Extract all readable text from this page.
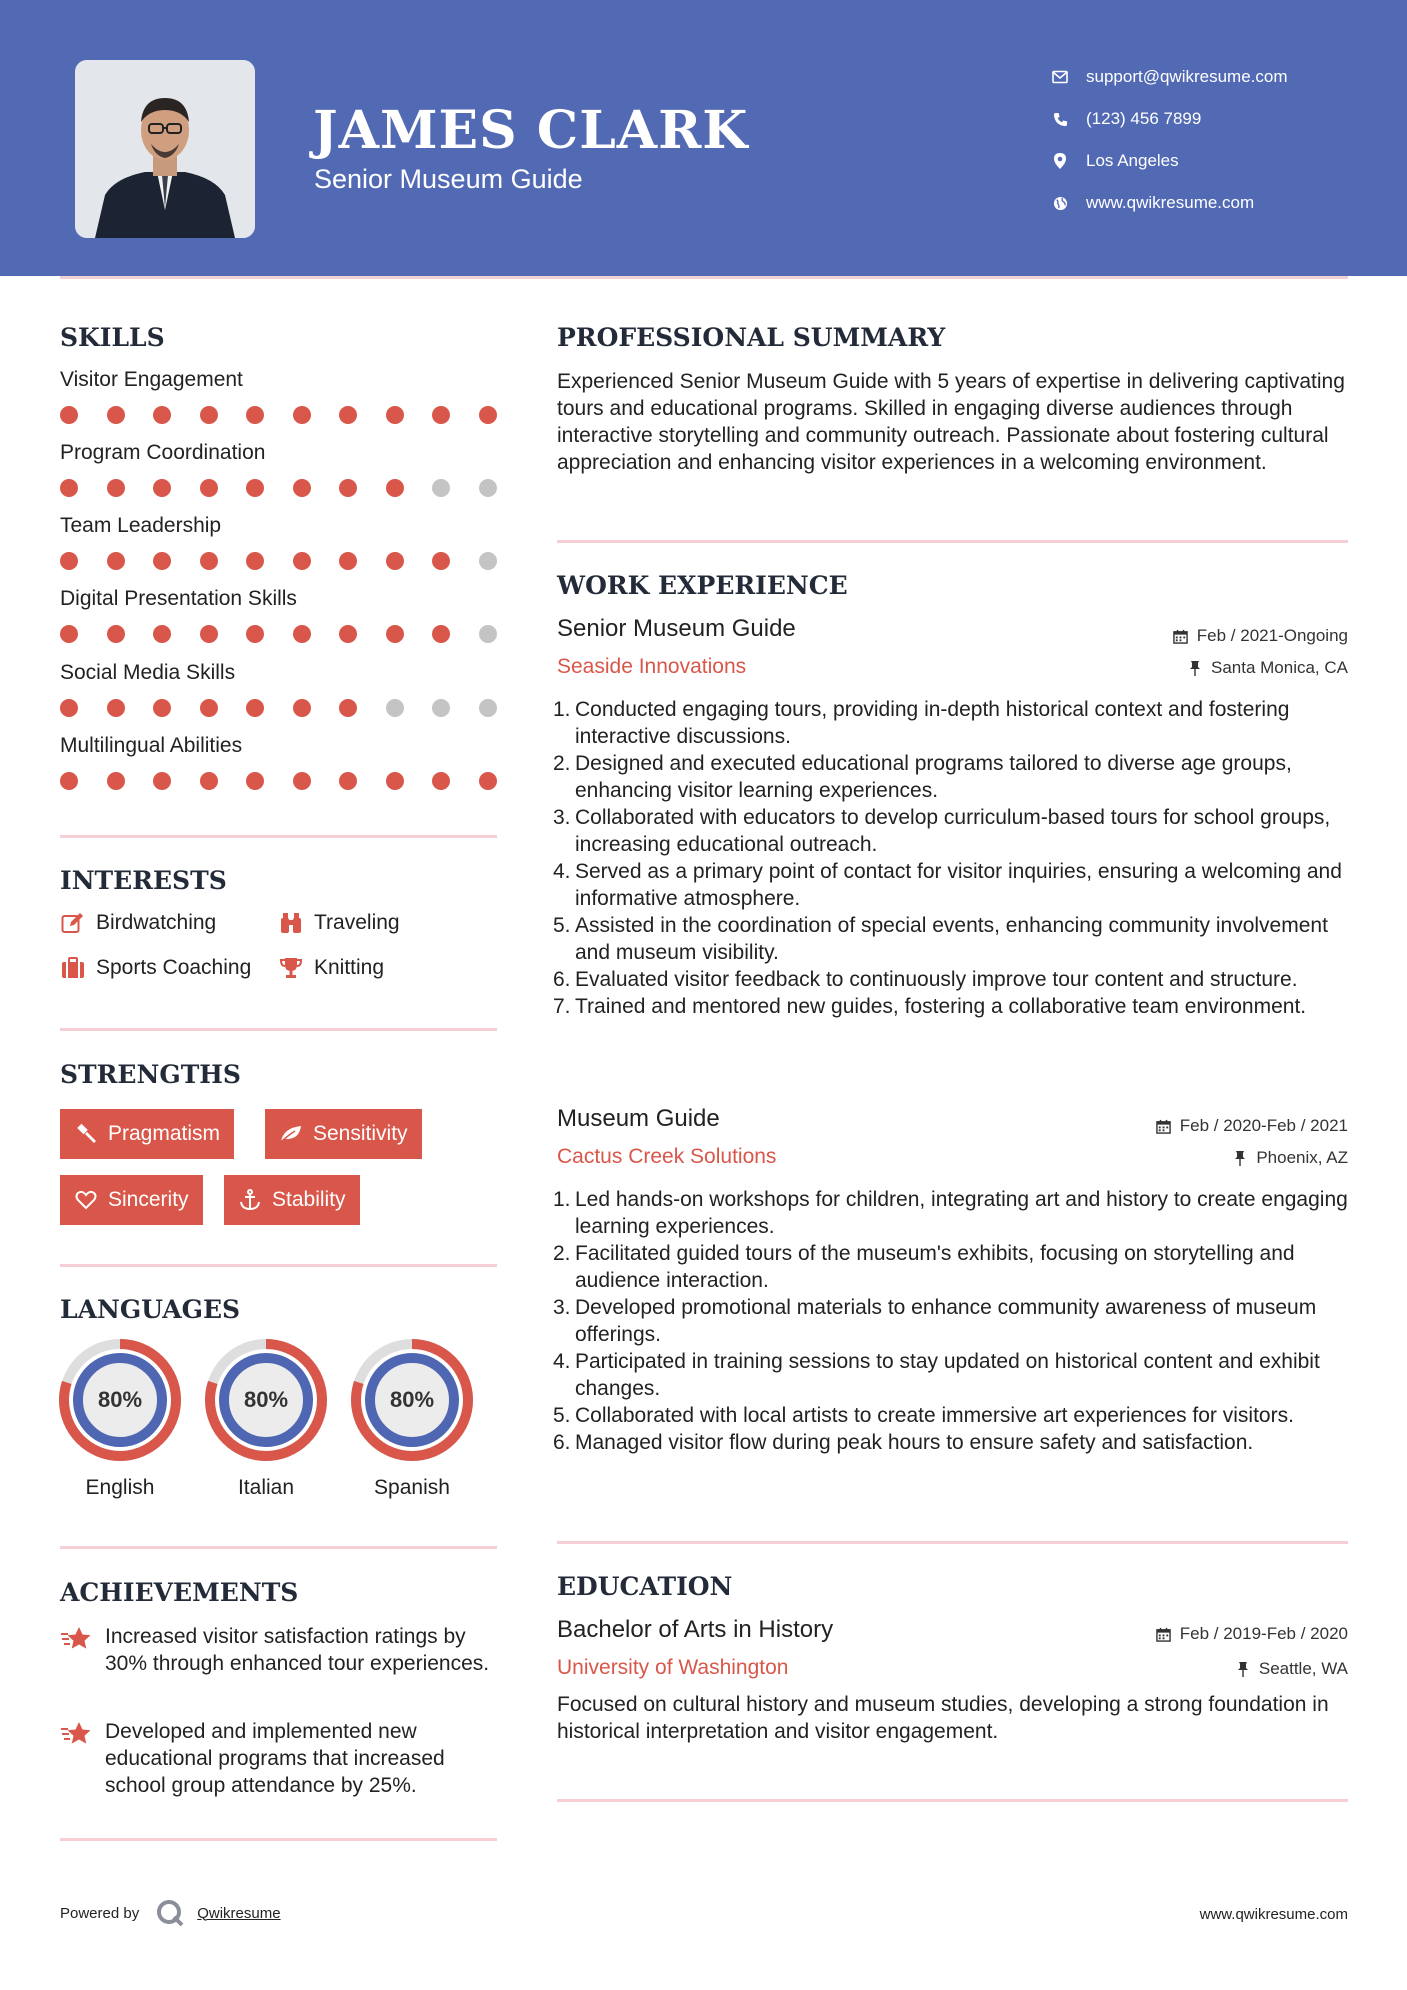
JAMES CLARK
Senior Museum Guide
support@qwikresume.com
(123) 456 7899
Los Angeles
www.qwikresume.com
SKILLS
Visitor Engagement
Program Coordination
Team Leadership
Digital Presentation Skills
Social Media Skills
Multilingual Abilities
INTERESTS
Birdwatching	Traveling
Sports Coaching	Knitting
STRENGTHS
Pragmatism	Sensitivity
Sincerity	Stability
LANGUAGES
80%
English
80%
Italian
80%
Spanish
ACHIEVEMENTS
Increased visitor satisfaction ratings by 30% through enhanced tour experiences.
Developed and implemented new educational programs that increased school group attendance by 25%.
PROFESSIONAL SUMMARY
Experienced Senior Museum Guide with 5 years of expertise in delivering captivating tours and educational programs. Skilled in engaging diverse audiences through interactive storytelling and community outreach. Passionate about fostering cultural appreciation and enhancing visitor experiences in a welcoming environment.
WORK EXPERIENCE
Senior Museum Guide	Feb / 2021-Ongoing
Seaside Innovations	Santa Monica, CA
1. Conducted engaging tours, providing in-depth historical context and fostering interactive discussions.
2. Designed and executed educational programs tailored to diverse age groups, enhancing visitor learning experiences.
3. Collaborated with educators to develop curriculum-based tours for school groups, increasing educational outreach.
4. Served as a primary point of contact for visitor inquiries, ensuring a welcoming and informative atmosphere.
5. Assisted in the coordination of special events, enhancing community involvement and museum visibility.
6. Evaluated visitor feedback to continuously improve tour content and structure.
7. Trained and mentored new guides, fostering a collaborative team environment.
Museum Guide	Feb / 2020-Feb / 2021
Cactus Creek Solutions	Phoenix, AZ
1. Led hands-on workshops for children, integrating art and history to create engaging learning experiences.
2. Facilitated guided tours of the museum's exhibits, focusing on storytelling and audience interaction.
3. Developed promotional materials to enhance community awareness of museum offerings.
4. Participated in training sessions to stay updated on historical content and exhibit changes.
5. Collaborated with local artists to create immersive art experiences for visitors.
6. Managed visitor flow during peak hours to ensure safety and satisfaction.
EDUCATION
Bachelor of Arts in History	Feb / 2019-Feb / 2020
University of Washington	Seattle, WA
Focused on cultural history and museum studies, developing a strong foundation in historical interpretation and visitor engagement.
Powered by	Qwikresume	www.qwikresume.com
